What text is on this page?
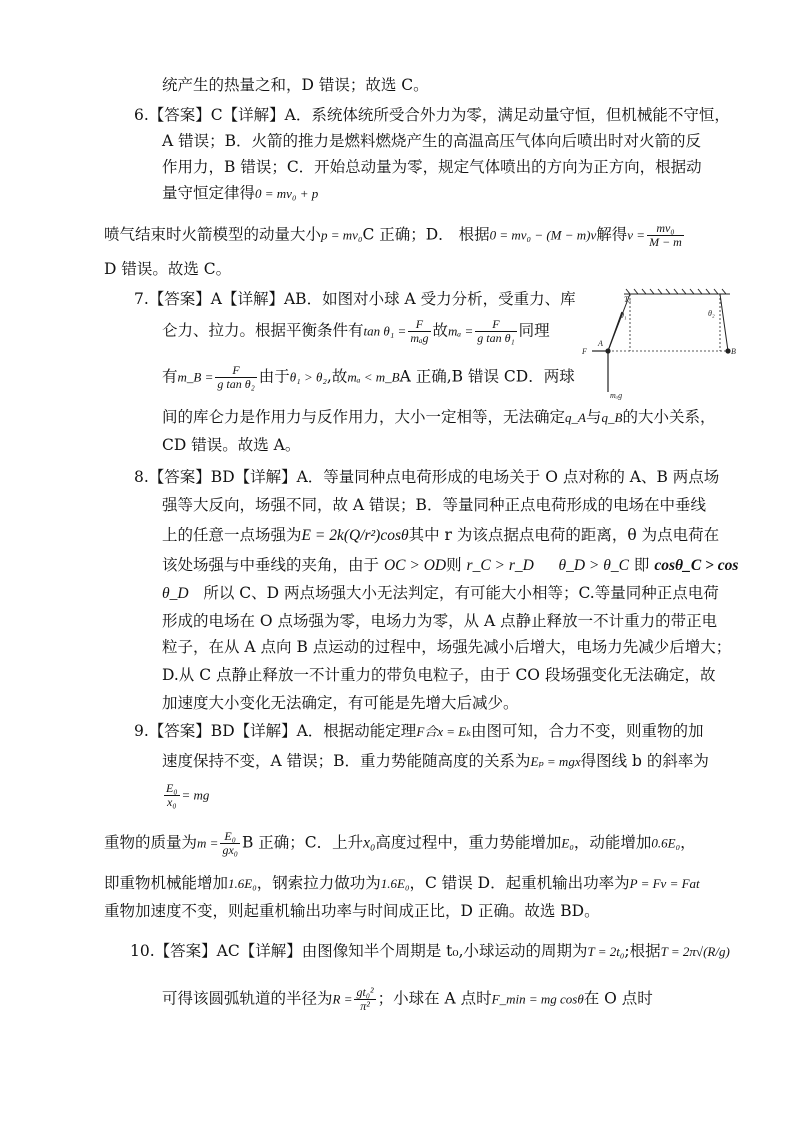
统产生的热量之和，D 错误；故选 C。
6.【答案】C【详解】A．系统体统所受合外力为零，满足动量守恒，但机械能不守恒，
A 错误；B．火箭的推力是燃料燃烧产生的高温高压气体向后喷出时对火箭的反
作用力，B 错误；C．开始总动量为零，规定气体喷出的方向为正方向，根据动
量守恒定律得0 = mv₀ + p
喷气结束时火箭模型的动量大小p = mv₀C 正确；D． 根据0 = mv₀ − (M − m)v解得$v = \frac{\text{mv₀}}{M - m}$
D 错误。故选 C。
7.【答案】A【详解】AB．如图对小球 A 受力分析，受重力、库
仑力、拉力。根据平衡条件有$\tan \theta_1 = \frac{F}{\text{mₐg}}$ 故$m_a = \frac{F}{\text{g tan θ₁}}$ 同理
有m_B = $\frac{F}{\text{g tan θ₂}}$ 由于θ₁ > θ₂,故mₐ < m_BA 正确,B 错误 CD．两球
间的库仑力是作用力与反作用力，大小一定相等，无法确定q_A与q_B的大小关系，
CD 错误。故选 A。
Tₐ
θ₁	θ₂
F
A
B
mₐg
8.【答案】BD【详解】A．等量同种点电荷形成的电场关于 O 点对称的 A、B 两点场
强等大反向，场强不同，故 A 错误；B．等量同种正点电荷形成的电场在中垂线
上的任意一点场强为E = 2k(Q/r²)cosθ其中 r 为该点据点电荷的距离，θ 为点电荷在
该处场强与中垂线的夹角，由于 OC > OD则 r_C > r_D θ_D > θ_C 即 cosθ_C > cos
θ_D 所以 C、D 两点场强大小无法判定，有可能大小相等；C.等量同种正点电荷
形成的电场在 O 点场强为零，电场力为零，从 A 点静止释放一不计重力的带正电
粒子，在从 A 点向 B 点运动的过程中，场强先减小后增大，电场力先减少后增大；
D.从 C 点静止释放一不计重力的带负电粒子，由于 CO 段场强变化无法确定，故
加速度大小变化无法确定，有可能是先增大后减少。
9.【答案】BD【详解】A．根据动能定理F合x = Eₖ由图可知，合力不变，则重物的加
速度保持不变，A 错误；B．重力势能随高度的关系为Eₚ = mgx得图线 b 的斜率为
$\frac{\text{E₀}}{\text{x₀}}$ = mg
重物的质量为$m = \frac{\text{E₀}}{\text{gx₀}}$ B 正确；C．上升x₀高度过程中，重力势能增加E₀，动能增加0.6E₀，
即重物机械能增加1.6E₀，钢索拉力做功为1.6E₀，C 错误 D．起重机输出功率为P = Fv = Fat
重物加速度不变，则起重机输出功率与时间成正比，D 正确。故选 BD。
10.【答案】AC【详解】由图像知半个周期是 t₀,小球运动的周期为T = 2t₀;根据T = 2π√(R/g)
可得该圆弧轨道的半径为$R = \frac{\text{gt₀²}}{\text{π²}}$ ；小球在 A 点时F_min = mg cosθ在 O 点时
